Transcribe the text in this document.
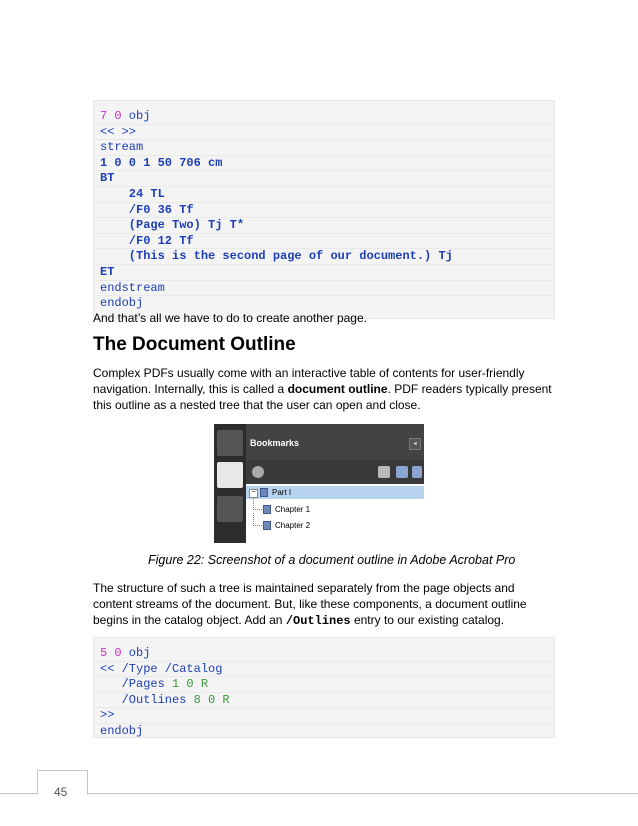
7 0 obj
<< >>
stream
1 0 0 1 50 706 cm
BT
24 TL
/F0 36 Tf
(Page Two) Tj T*
/F0 12 Tf
(This is the second page of our document.) Tj
ET
endstream
endobj

And that’s all we have to do to create another page.

The Document Outline

Complex PDFs usually come with an interactive table of contents for user-friendly navigation. Internally, this is called a document outline. PDF readers typically present this outline as a nested tree that the user can open and close.

Bookmarks	◂
−	Part I
Chapter 1
Chapter 2

Figure 22: Screenshot of a document outline in Adobe Acrobat Pro

The structure of such a tree is maintained separately from the page objects and content streams of the document. But, like these components, a document outline begins in the catalog object. Add an /Outlines entry to our existing catalog.

5 0 obj
<< /Type /Catalog
/Pages 1 0 R
/Outlines 8 0 R
>>
endobj
45
